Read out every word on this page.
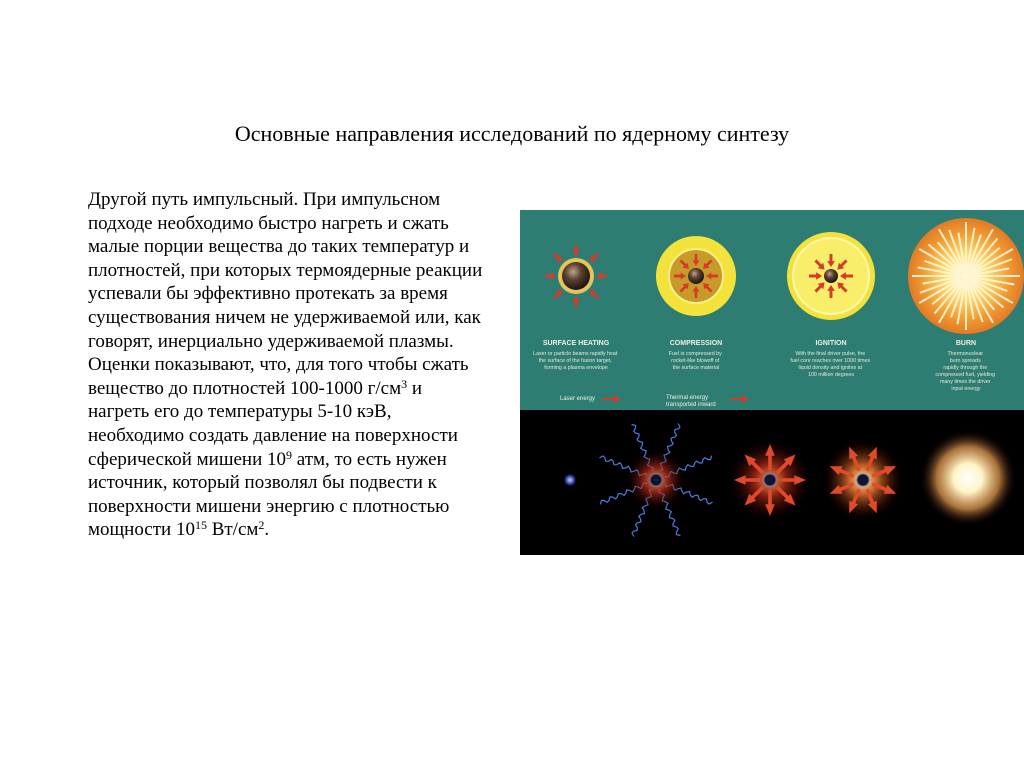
Основные направления исследований по ядерному синтезу

Другой путь импульсный. При импульсном подходе необходимо быстро нагреть и сжать малые порции вещества до таких температур и плотностей, при которых термоядерные реакции успевали бы эффективно протекать за время существования ничем не удерживаемой или, как говорят, инерциально удерживаемой плазмы. Оценки показывают, что, для того чтобы сжать вещество до плотностей 100-1000 $г/см^3$ и нагреть его до температуры 5-10 кэВ, необходимо создать давление на поверхности сферической мишени $10^9$ атм, то есть нужен источник, который позволял бы подвести к поверхности мишени энергию с плотностью мощности $10^{15}$ $Вт/см^2$.

SURFACE HEATING
Laser or particle beams rapidly heat the surface of the fusion target, forming a plasma envelope
COMPRESSION
Fuel is compressed by rocket-like blowoff of the surface material
IGNITION
With the final driver pulse, the fuel core reaches over 1000 times liquid density and ignites at 100 million degrees
BURN
Thermonuclear burn spreads rapidly through the compressed fuel, yielding many times the driver input energy
Laser energy	Thermal energy transported inward
